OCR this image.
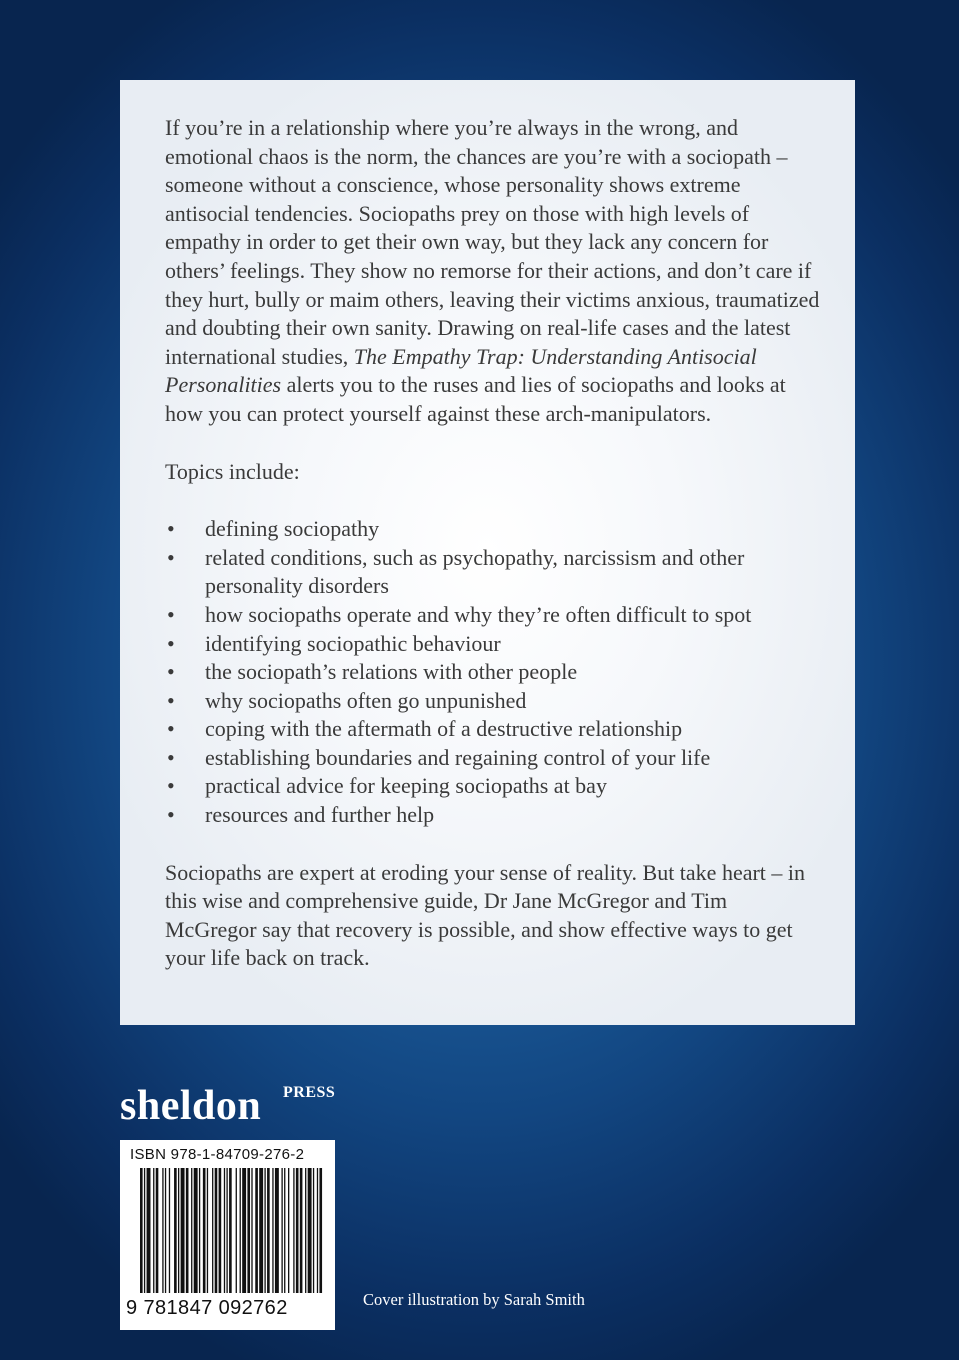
If you’re in a relationship where you’re always in the wrong, and emotional chaos is the norm, the chances are you’re with a sociopath – someone without a conscience, whose personality shows extreme antisocial tendencies. Sociopaths prey on those with high levels of empathy in order to get their own way, but they lack any concern for others’ feelings. They show no remorse for their actions, and don’t care if they hurt, bully or maim others, leaving their victims anxious, traumatized and doubting their own sanity. Drawing on real-life cases and the latest international studies, The Empathy Trap: Understanding Antisocial Personalities alerts you to the ruses and lies of sociopaths and looks at how you can protect yourself against these arch-manipulators.

Topics include:

• defining sociopathy
• related conditions, such as psychopathy, narcissism and other personality disorders
• how sociopaths operate and why they’re often difficult to spot
• identifying sociopathic behaviour
• the sociopath’s relations with other people
• why sociopaths often go unpunished
• coping with the aftermath of a destructive relationship
• establishing boundaries and regaining control of your life
• practical advice for keeping sociopaths at bay
• resources and further help

Sociopaths are expert at eroding your sense of reality. But take heart – in this wise and comprehensive guide, Dr Jane McGregor and Tim McGregor say that recovery is possible, and show effective ways to get your life back on track.

sheldon PRESS
ISBN 978-1-84709-276-2
9 781847 092762	Cover illustration by Sarah Smith
